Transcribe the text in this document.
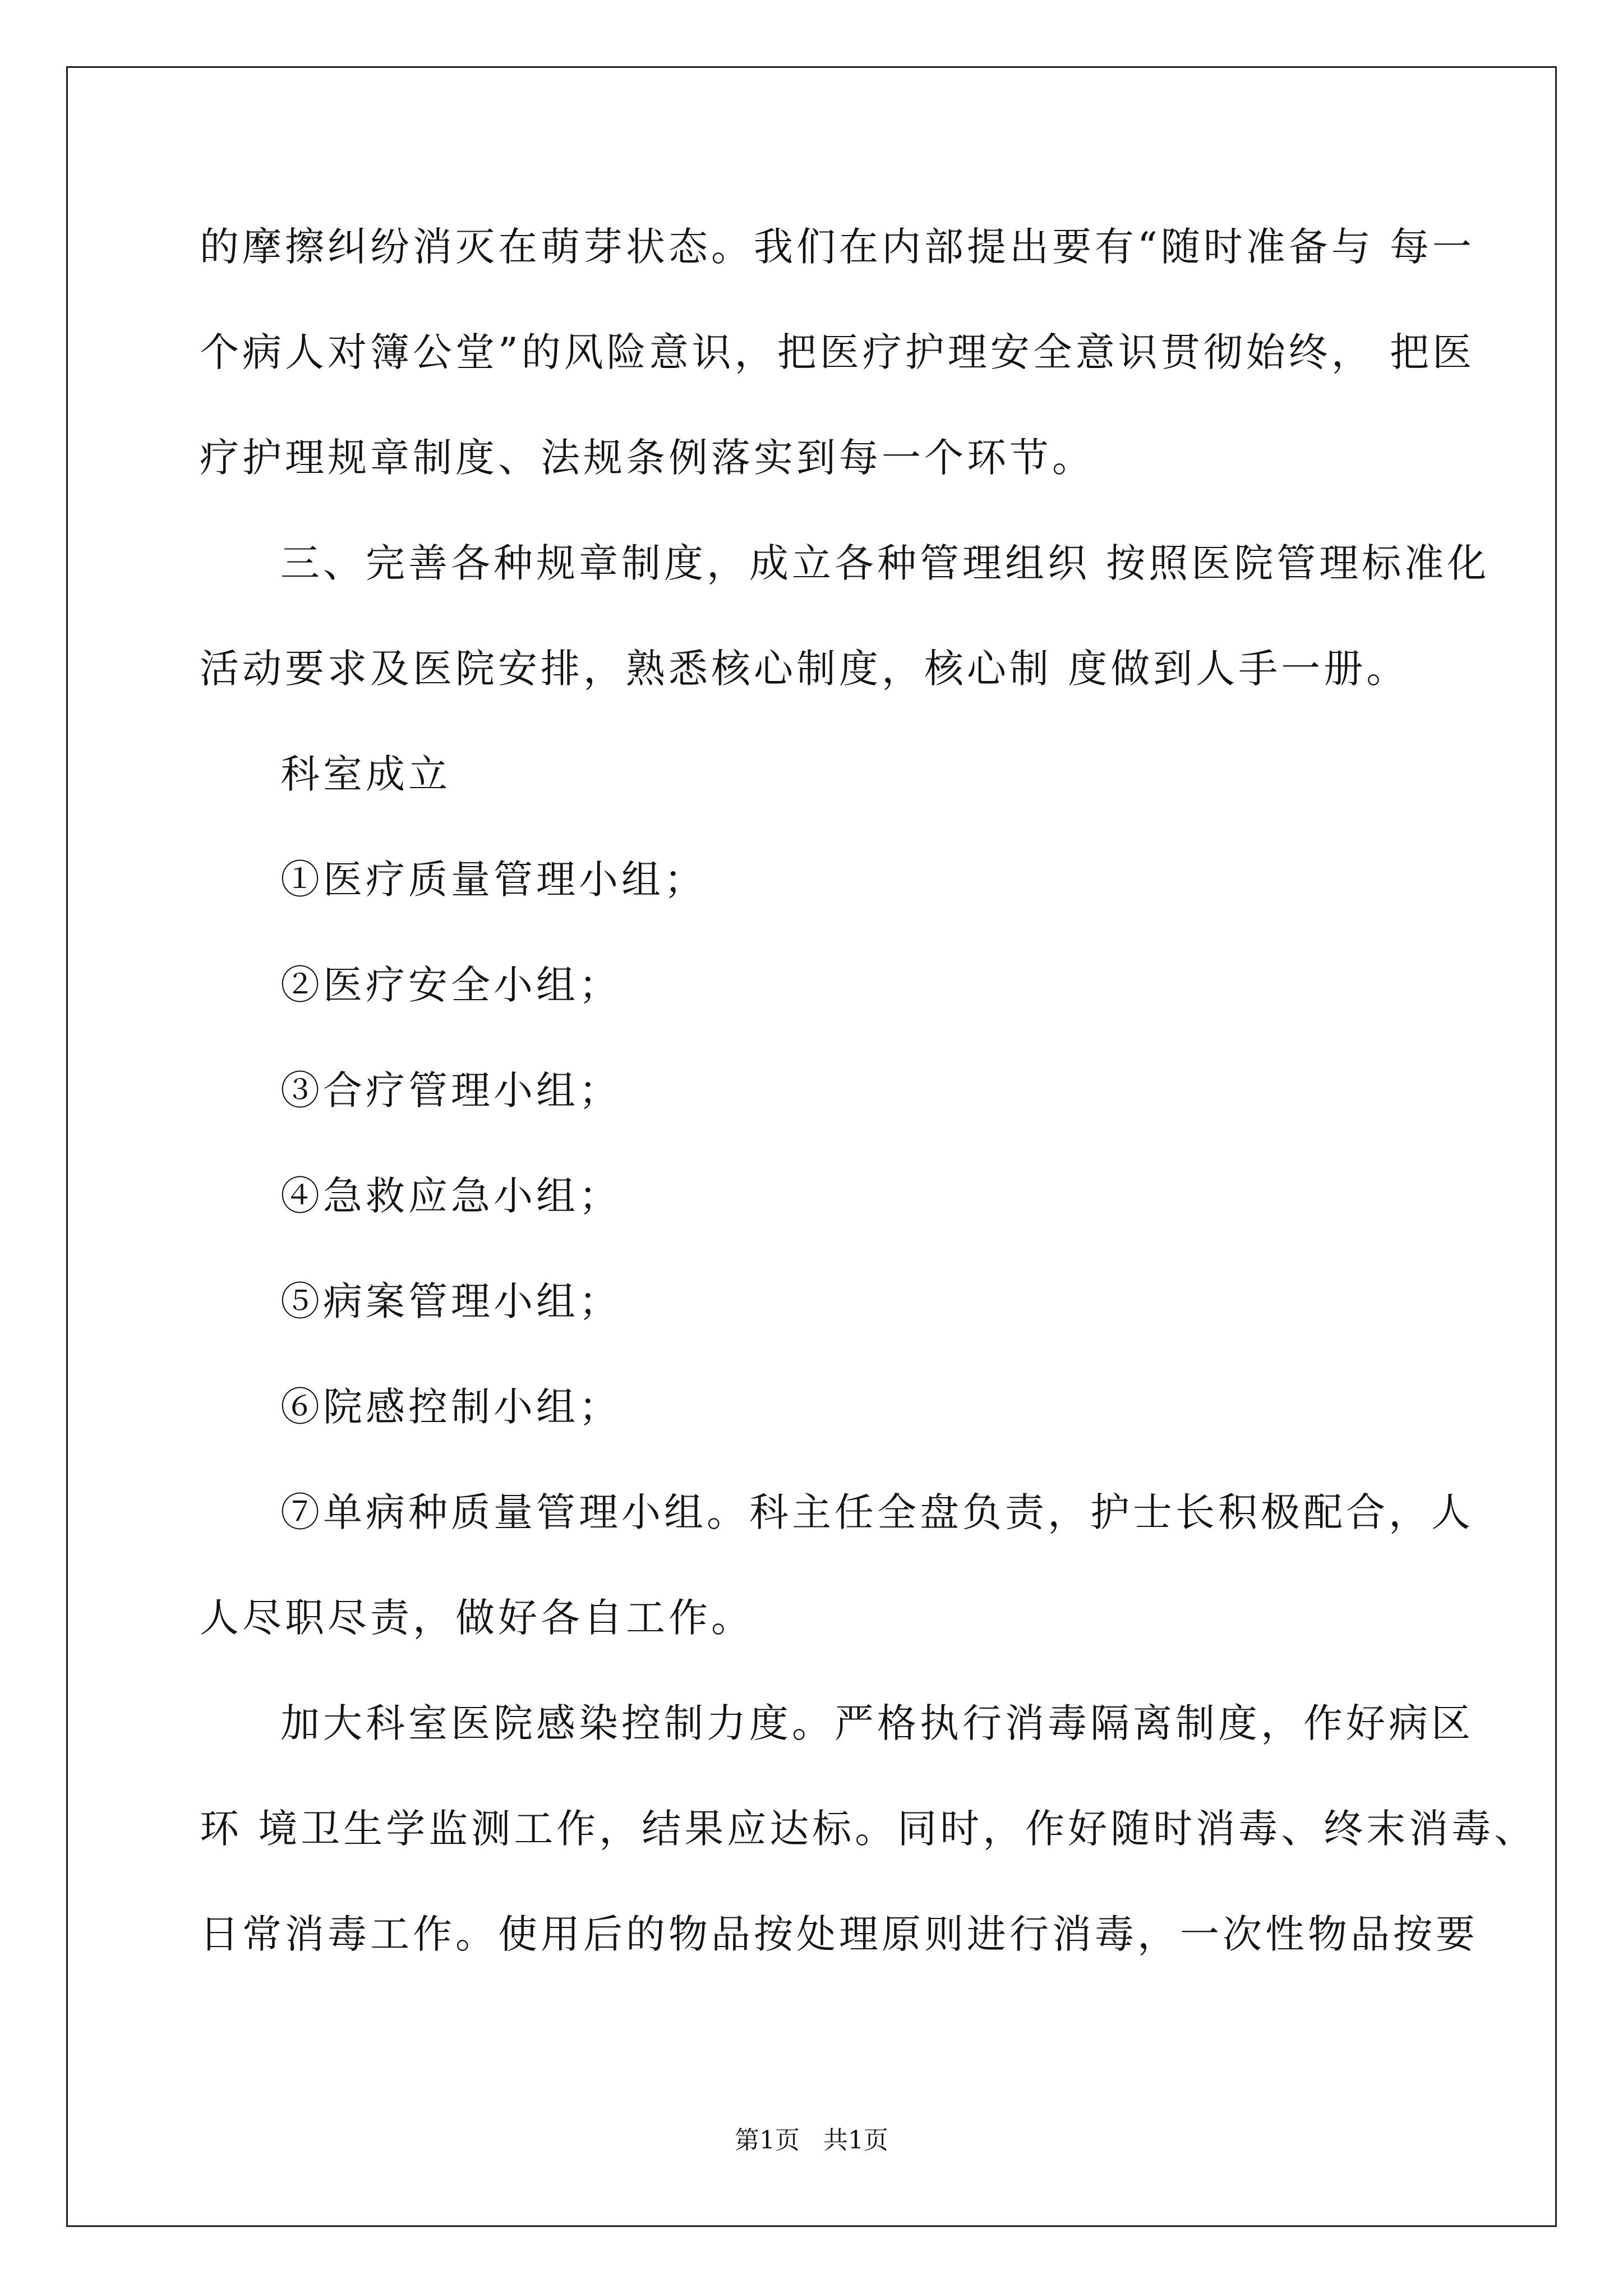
的摩擦纠纷消灭在萌芽状态。我们在内部提出要有“随时准备与 每一
个病人对簿公堂”的风险意识，把医疗护理安全意识贯彻始终， 把医
疗护理规章制度、法规条例落实到每一个环节。
三、完善各种规章制度，成立各种管理组织 按照医院管理标准化
活动要求及医院安排，熟悉核心制度，核心制 度做到人手一册。
科室成立
①医疗质量管理小组；
②医疗安全小组；
③合疗管理小组；
④急救应急小组；
⑤病案管理小组；
⑥院感控制小组；
⑦单病种质量管理小组。科主任全盘负责，护士长积极配合，人
人尽职尽责，做好各自工作。
加大科室医院感染控制力度。严格执行消毒隔离制度，作好病区
环 境卫生学监测工作，结果应达标。同时，作好随时消毒、终末消毒、
日常消毒工作。使用后的物品按处理原则进行消毒，一次性物品按要
第1页   共1页
